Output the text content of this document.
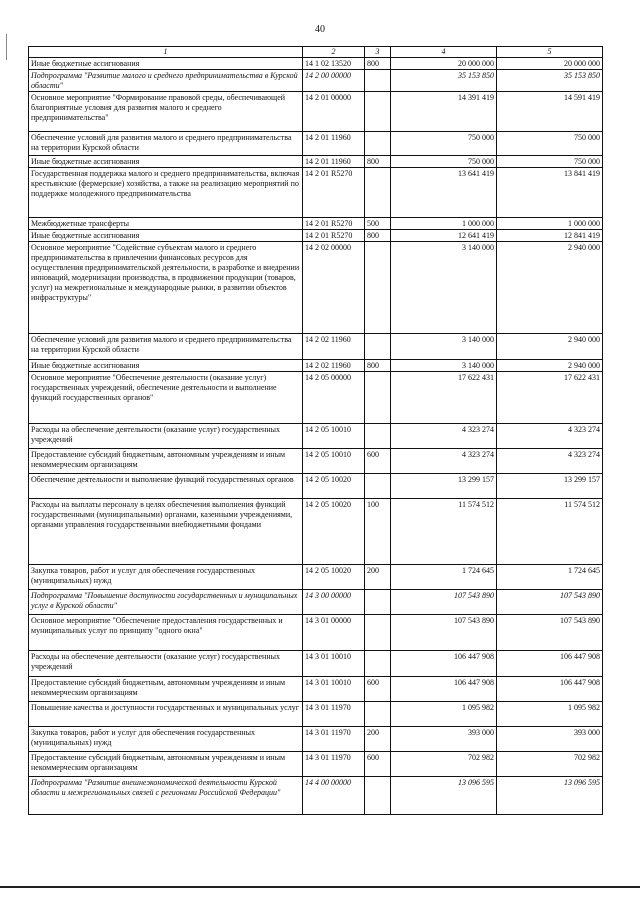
40
1	2	3	4	5
Иные бюджетные ассигнования	14 1 02 13520	800	20 000 000	20 000 000
Подпрограмма "Развитие малого и среднего предпринимательства в Курской области"	14 2 00 00000		35 153 850	35 153 850
Основное мероприятие "Формирование правовой среды, обеспечивающей благоприятные условия для развития малого и среднего предпринимательства"	14 2 01 00000		14 391 419	14 591 419
Обеспечение условий для развития малого и среднего предпринимательства на территории Курской области	14 2 01 11960		750 000	750 000
Иные бюджетные ассигнования	14 2 01 11960	800	750 000	750 000
Государственная поддержка малого и среднего предпринимательства, включая крестьянские (фермерские) хозяйства, а также на реализацию мероприятий по поддержке молодежного предпринимательства	14 2 01 R5270		13 641 419	13 841 419
Межбюджетные трансферты	14 2 01 R5270	500	1 000 000	1 000 000
Иные бюджетные ассигнования	14 2 01 R5270	800	12 641 419	12 841 419
Основное мероприятие "Содействие субъектам малого и среднего предпринимательства в привлечении финансовых ресурсов для осуществления предпринимательской деятельности, в разработке и внедрении инноваций, модернизации производства, в продвижении продукции (товаров, услуг) на межрегиональные и международные рынки, в развитии объектов инфраструктуры"	14 2 02 00000		3 140 000	2 940 000
Обеспечение условий для развития малого и среднего предпринимательства на территории Курской области	14 2 02 11960		3 140 000	2 940 000
Иные бюджетные ассигнования	14 2 02 11960	800	3 140 000	2 940 000
Основное мероприятие "Обеспечение деятельности (оказание услуг) государственных учреждений, обеспечение деятельности и выполнение функций государственных органов"	14 2 05 00000		17 622 431	17 622 431
Расходы на обеспечение деятельности (оказание услуг) государственных учреждений	14 2 05 10010		4 323 274	4 323 274
Предоставление субсидий бюджетным, автономным учреждениям и иным некоммерческим организациям	14 2 05 10010	600	4 323 274	4 323 274
Обеспечение деятельности и выполнение функций государственных органов	14 2 05 10020		13 299 157	13 299 157
Расходы на выплаты персоналу в целях обеспечения выполнения функций государственными (муниципальными) органами, казенными учреждениями, органами управления государственными внебюджетными фондами	14 2 05 10020	100	11 574 512	11 574 512
Закупка товаров, работ и услуг для обеспечения государственных (муниципальных) нужд	14 2 05 10020	200	1 724 645	1 724 645
Подпрограмма "Повышение доступности государственных и муниципальных услуг в Курской области"	14 3 00 00000		107 543 890	107 543 890
Основное мероприятие "Обеспечение предоставления государственных и муниципальных услуг по принципу "одного окна"	14 3 01 00000		107 543 890	107 543 890
Расходы на обеспечение деятельности (оказание услуг) государственных учреждений	14 3 01 10010		106 447 908	106 447 908
Предоставление субсидий бюджетным, автономным учреждениям и иным некоммерческим организациям	14 3 01 10010	600	106 447 908	106 447 908
Повышение качества и доступности государственных и муниципальных услуг	14 3 01 11970		1 095 982	1 095 982
Закупка товаров, работ и услуг для обеспечения государственных (муниципальных) нужд	14 3 01 11970	200	393 000	393 000
Предоставление субсидий бюджетным, автономным учреждениям и иным некоммерческим организациям	14 3 01 11970	600	702 982	702 982
Подпрограмма "Развитие внешнеэкономической деятельности Курской области и межрегиональных связей с регионами Российской Федерации"	14 4 00 00000		13 096 595	13 096 595
